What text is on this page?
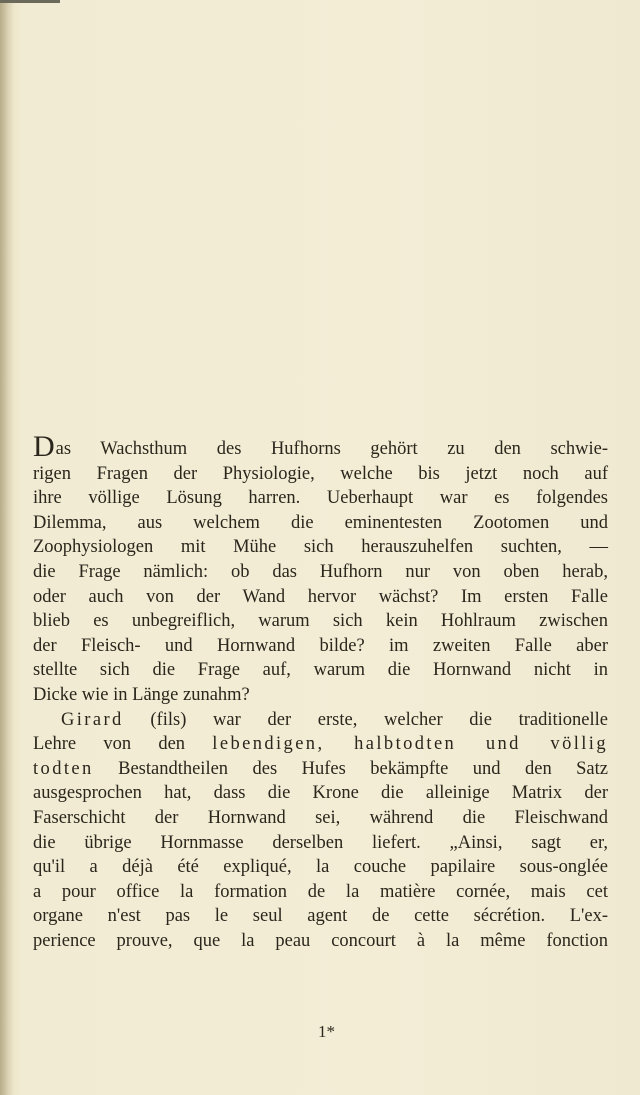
Das Wachsthum des Hufhorns gehört zu den schwie-
rigen Fragen der Physiologie, welche bis jetzt noch auf
ihre völlige Lösung harren. Ueberhaupt war es folgendes
Dilemma, aus welchem die eminentesten Zootomen und
Zoophysiologen mit Mühe sich herauszuhelfen suchten, —
die Frage nämlich: ob das Hufhorn nur von oben herab,
oder auch von der Wand hervor wächst? Im ersten Falle
blieb es unbegreiflich, warum sich kein Hohlraum zwischen
der Fleisch- und Hornwand bilde? im zweiten Falle aber
stellte sich die Frage auf, warum die Hornwand nicht in
Dicke wie in Länge zunahm?
Girard (fils) war der erste, welcher die traditionelle
Lehre von den lebendigen, halbtodten und völlig
todten Bestandtheilen des Hufes bekämpfte und den Satz
ausgesprochen hat, dass die Krone die alleinige Matrix der
Faserschicht der Hornwand sei, während die Fleischwand
die übrige Hornmasse derselben liefert. „Ainsi, sagt er,
qu'il a déjà été expliqué, la couche papilaire sous-onglée
a pour office la formation de la matière cornée, mais cet
organe n'est pas le seul agent de cette sécrétion. L'ex-
perience prouve, que la peau concourt à la même fonction
1*
